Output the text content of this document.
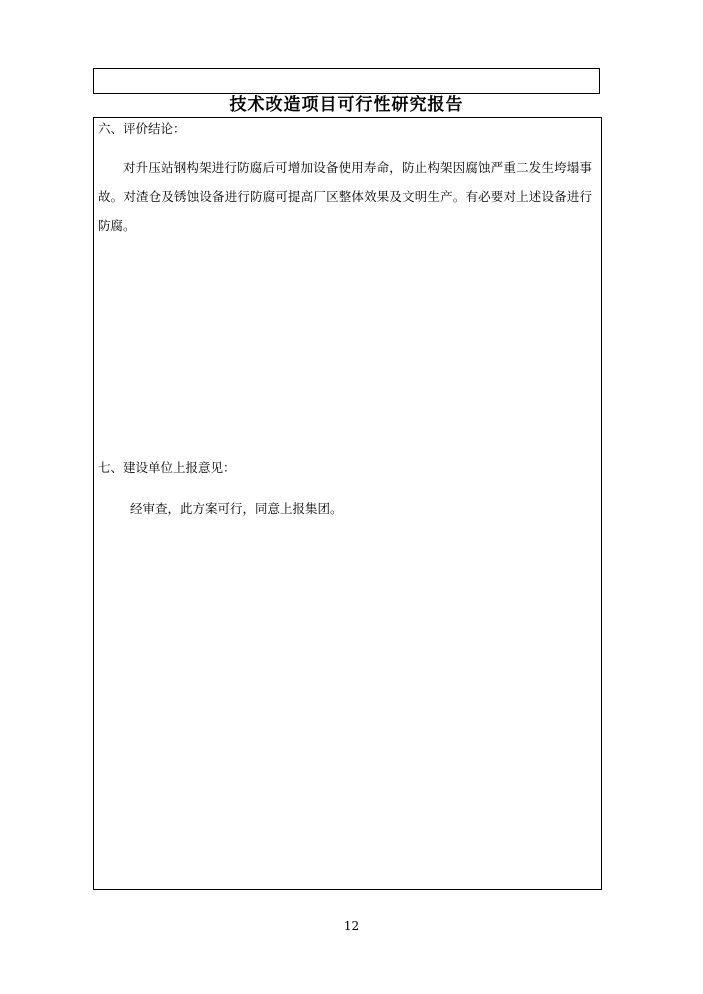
技术改造项目可行性研究报告
六、评价结论：
对升压站钢构架进行防腐后可增加设备使用寿命，防止构架因腐蚀严重二发生垮塌事故。对渣仓及锈蚀设备进行防腐可提高厂区整体效果及文明生产。有必要对上述设备进行防腐。
七、建设单位上报意见：
经审查，此方案可行，同意上报集团。
12
